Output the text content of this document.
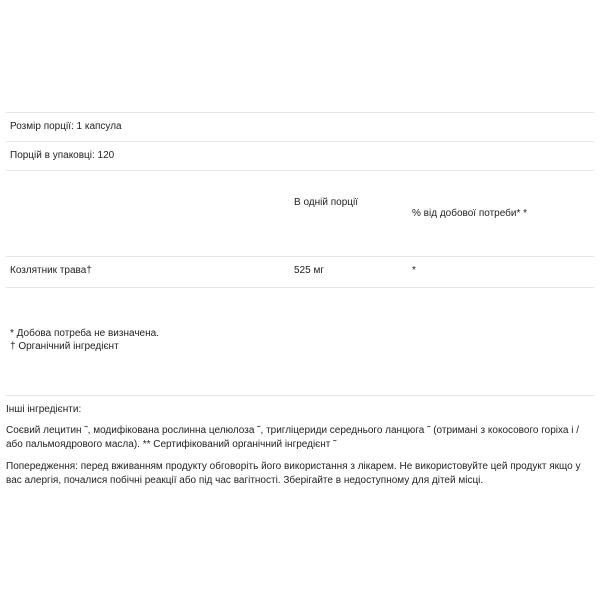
Розмір порції: 1 капсула
Порцій в упаковці: 120
В одній порції
% від добової потреби* *
Козлятник трава†	525 мг	*
* Добова потреба не визначена.
† Органічний інгредієнт
Інші інгредієнти:
Соєвий лецитин ˜, модифікована рослинна целюлоза ˜, тригліцериди середнього ланцюга ˜ (отримані з кокосового горіха і / або пальмоядрового масла). ** Сертифікований органічний інгредієнт ˜
Попередження: перед вживанням продукту обговоріть його використання з лікарем. Не використовуйте цей продукт якщо у вас алергія, почалися побічні реакції або під час вагітності. Зберігайте в недоступному для дітей місці.
